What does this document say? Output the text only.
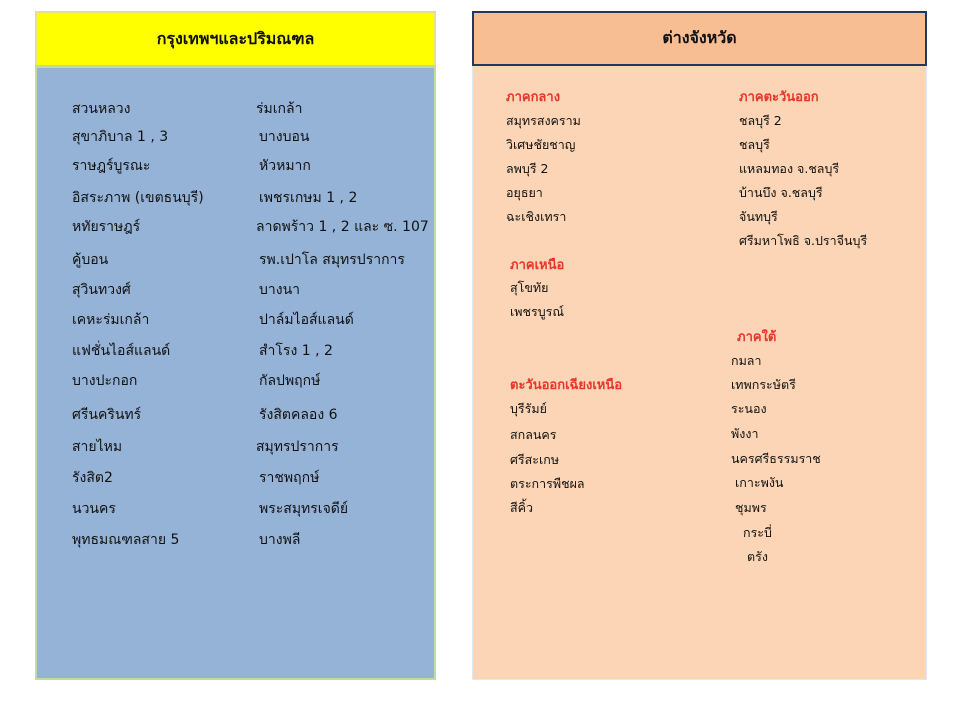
กรุงเทพฯและปริมณฑล
สวนหลวง
สุขาภิบาล 1 , 3
ราษฎร์บูรณะ
อิสระภาพ (เขตธนบุรี)
หทัยราษฎร์
คู้บอน
สุวินทวงศ์
เคหะร่มเกล้า
แฟชั่นไอส์แลนด์
บางปะกอก
ศรีนครินทร์
สายไหม
รังสิต2
นวนคร
พุทธมณฑลสาย 5
ร่มเกล้า
บางบอน
หัวหมาก
เพชรเกษม 1 , 2
ลาดพร้าว 1 , 2 และ ซ. 107
รพ.เปาโล สมุทรปราการ
บางนา
ปาล์มไอส์แลนด์
สำโรง 1 , 2
กัลปพฤกษ์
รังสิตคลอง 6
สมุทรปราการ
ราชพฤกษ์
พระสมุทรเจดีย์
บางพลี
ต่างจังหวัด
ภาคกลาง
สมุทรสงคราม
วิเศษชัยชาญ
ลพบุรี 2
อยุธยา
ฉะเชิงเทรา
ภาคเหนือ
สุโขทัย
เพชรบูรณ์
ตะวันออกเฉียงเหนือ
บุรีรัมย์
สกลนคร
ศรีสะเกษ
ตระการพืชผล
สีคิ้ว
ภาคตะวันออก
ชลบุรี 2
ชลบุรี
แหลมทอง จ.ชลบุรี
บ้านบึง จ.ชลบุรี
จันทบุรี
ศรีมหาโพธิ จ.ปราจีนบุรี
ภาคใต้
กมลา
เทพกระษัตรี
ระนอง
พังงา
นครศรีธรรมราช
เกาะพงัน
ชุมพร
กระบี่
ตรัง
